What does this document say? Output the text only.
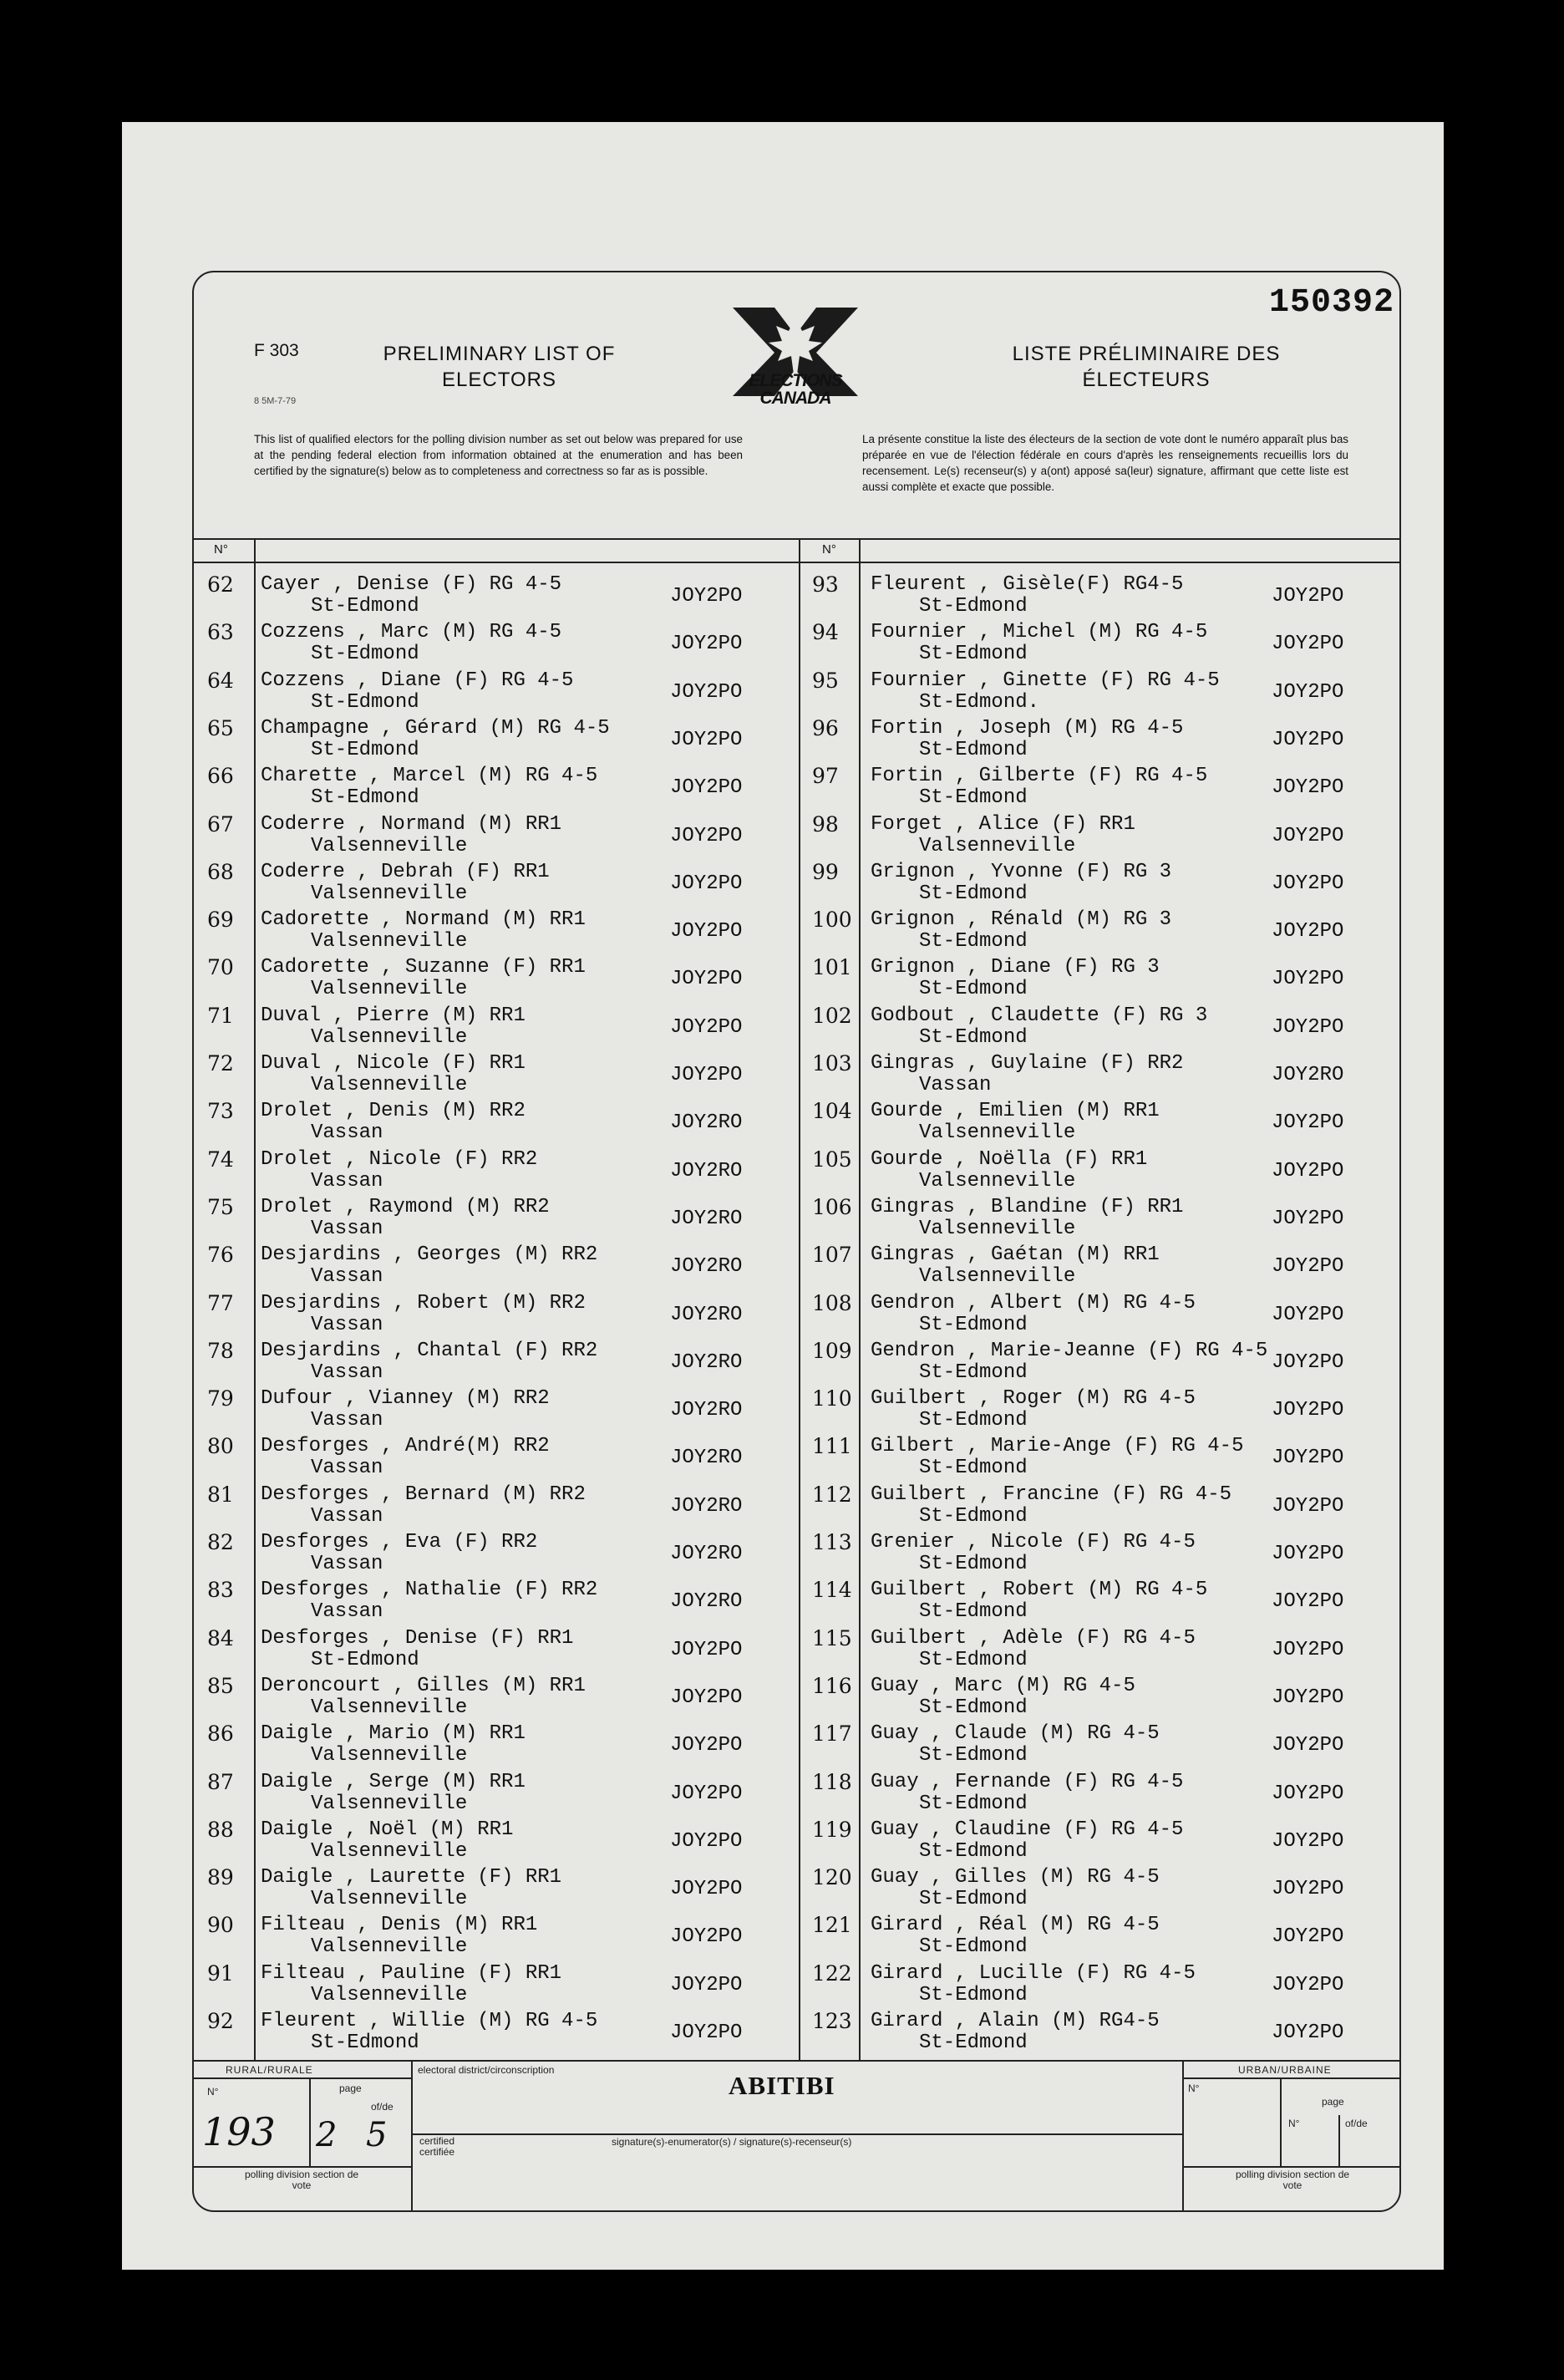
150392
F 303
8 5M-7-79
PRELIMINARY LIST OF
ELECTORS	ELECTIONS
CANADA
LISTE PRÉLIMINAIRE DES
ÉLECTEURS
This list of qualified electors for the polling division number as set out below was prepared for use at the pending federal election from information obtained at the enumeration and has been certified by the signature(s) below as to completeness and correctness so far as is possible.
La présente constitue la liste des électeurs de la section de vote dont le numéro apparaît plus bas préparée en vue de l'élection fédérale en cours d'après les renseignements recueillis lors du recensement. Le(s) recenseur(s) y a(ont) apposé sa(leur) signature, affirmant que cette liste est aussi complète et exacte que possible.
N°	N°
62 Cayer , Denise (F) RG 4-5
St-Edmond	JOY2PO
63 Cozzens , Marc (M) RG 4-5
St-Edmond	JOY2PO
64 Cozzens , Diane (F) RG 4-5
St-Edmond	JOY2PO
65 Champagne , Gérard (M) RG 4-5
St-Edmond	JOY2PO
66 Charette , Marcel (M) RG 4-5
St-Edmond	JOY2PO
67 Coderre , Normand (M) RR1
Valsenneville	JOY2PO
68 Coderre , Debrah (F) RR1
Valsenneville	JOY2PO
69 Cadorette , Normand (M) RR1
Valsenneville	JOY2PO
70 Cadorette , Suzanne (F) RR1
Valsenneville	JOY2PO
71 Duval , Pierre (M) RR1
Valsenneville	JOY2PO
72 Duval , Nicole (F) RR1
Valsenneville	JOY2PO
73 Drolet , Denis (M) RR2
Vassan	JOY2RO
74 Drolet , Nicole (F) RR2
Vassan	JOY2RO
75 Drolet , Raymond (M) RR2
Vassan	JOY2RO
76 Desjardins , Georges (M) RR2
Vassan	JOY2RO
77 Desjardins , Robert (M) RR2
Vassan	JOY2RO
78 Desjardins , Chantal (F) RR2
Vassan	JOY2RO
79 Dufour , Vianney (M) RR2
Vassan	JOY2RO
80 Desforges , André(M) RR2
Vassan	JOY2RO
81 Desforges , Bernard (M) RR2
Vassan	JOY2RO
82 Desforges , Eva (F) RR2
Vassan	JOY2RO
83 Desforges , Nathalie (F) RR2
Vassan	JOY2RO
84 Desforges , Denise (F) RR1
St-Edmond	JOY2PO
85 Deroncourt , Gilles (M) RR1
Valsenneville	JOY2PO
86 Daigle , Mario (M) RR1
Valsenneville	JOY2PO
87 Daigle , Serge (M) RR1
Valsenneville	JOY2PO
88 Daigle , Noël (M) RR1
Valsenneville	JOY2PO
89 Daigle , Laurette (F) RR1
Valsenneville	JOY2PO
90 Filteau , Denis (M) RR1
Valsenneville	JOY2PO
91 Filteau , Pauline (F) RR1
Valsenneville	JOY2PO
92 Fleurent , Willie (M) RG 4-5
St-Edmond	JOY2PO
93 Fleurent , Gisèle(F) RG4-5
St-Edmond	JOY2PO
94 Fournier , Michel (M) RG 4-5
St-Edmond	JOY2PO
95 Fournier , Ginette (F) RG 4-5
St-Edmond.	JOY2PO
96 Fortin , Joseph (M) RG 4-5
St-Edmond	JOY2PO
97 Fortin , Gilberte (F) RG 4-5
St-Edmond	JOY2PO
98 Forget , Alice (F) RR1
Valsenneville	JOY2PO
99 Grignon , Yvonne (F) RG 3
St-Edmond	JOY2PO
100 Grignon , Rénald (M) RG 3
St-Edmond	JOY2PO
101 Grignon , Diane (F) RG 3
St-Edmond	JOY2PO
102 Godbout , Claudette (F) RG 3
St-Edmond	JOY2PO
103 Gingras , Guylaine (F) RR2
Vassan	JOY2RO
104 Gourde , Emilien (M) RR1
Valsenneville	JOY2PO
105 Gourde , Noëlla (F) RR1
Valsenneville	JOY2PO
106 Gingras , Blandine (F) RR1
Valsenneville	JOY2PO
107 Gingras , Gaétan (M) RR1
Valsenneville	JOY2PO
108 Gendron , Albert (M) RG 4-5
St-Edmond	JOY2PO
109 Gendron , Marie-Jeanne (F) RG 4-5
St-Edmond	JOY2PO
110 Guilbert , Roger (M) RG 4-5
St-Edmond	JOY2PO
111 Gilbert , Marie-Ange (F) RG 4-5
St-Edmond	JOY2PO
112 Guilbert , Francine (F) RG 4-5
St-Edmond	JOY2PO
113 Grenier , Nicole (F) RG 4-5
St-Edmond	JOY2PO
114 Guilbert , Robert (M) RG 4-5
St-Edmond	JOY2PO
115 Guilbert , Adèle (F) RG 4-5
St-Edmond	JOY2PO
116 Guay , Marc (M) RG 4-5
St-Edmond	JOY2PO
117 Guay , Claude (M) RG 4-5
St-Edmond	JOY2PO
118 Guay , Fernande (F) RG 4-5
St-Edmond	JOY2PO
119 Guay , Claudine (F) RG 4-5
St-Edmond	JOY2PO
120 Guay , Gilles (M) RG 4-5
St-Edmond	JOY2PO
121 Girard , Réal (M) RG 4-5
St-Edmond	JOY2PO
122 Girard , Lucille (F) RG 4-5
St-Edmond	JOY2PO
123 Girard , Alain (M) RG4-5
St-Edmond	JOY2PO
RURAL/RURALE	URBAN/URBAINE
electoral district/circonscription
ABITIBI
N°	page
of/de
193 2 5
polling division section de vote
N°
page
N°	of/de
polling division section de vote
certified certifiée
signature(s)-enumerator(s) / signature(s)-recenseur(s)
